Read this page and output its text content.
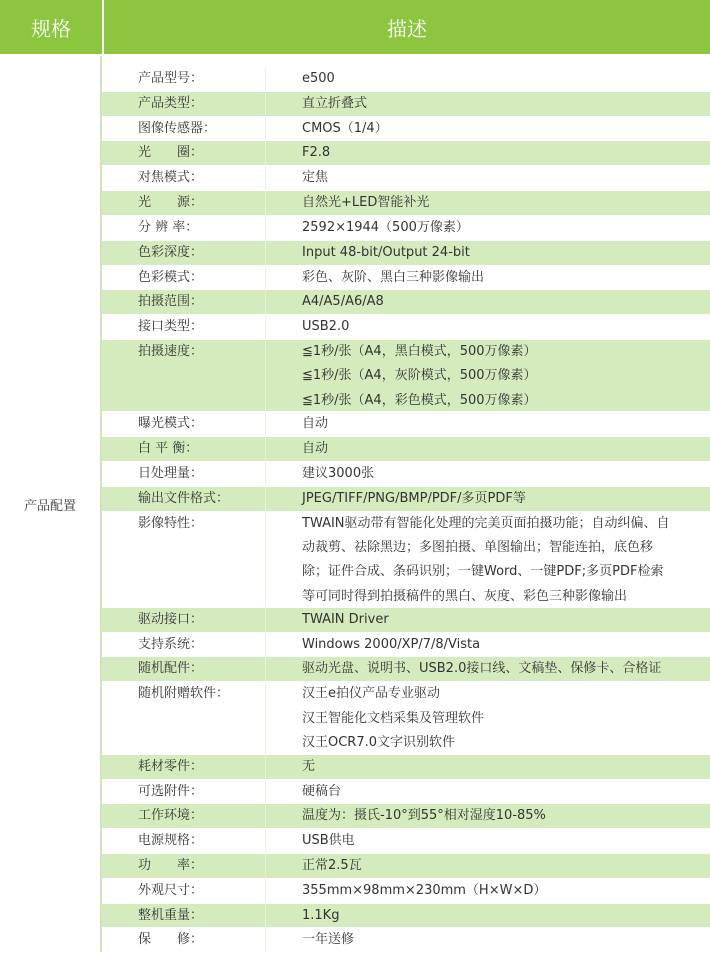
规格	描述
产品配置
产品型号：	e500
产品类型：	直立折叠式
图像传感器：	CMOS（1/4）
光　　圈：	F2.8
对焦模式：	定焦
光　　源：	自然光+LED智能补光
分 辨 率：	2592×1944（500万像素）
色彩深度：	Input 48-bit/Output 24-bit
色彩模式：	彩色、灰阶、黑白三种影像输出
拍摄范围：	A4/A5/A6/A8
接口类型：	USB2.0
拍摄速度：	≦1秒/张（A4，黑白模式，500万像素）
≦1秒/张（A4，灰阶模式，500万像素）
≦1秒/张（A4，彩色模式，500万像素）
曝光模式：	自动
白 平 衡：	自动
日处理量：	建议3000张
输出文件格式：	JPEG/TIFF/PNG/BMP/PDF/多页PDF等
影像特性：	TWAIN驱动带有智能化处理的完美页面拍摄功能；自动纠偏、自
动裁剪、祛除黑边；多图拍摄、单图输出；智能连拍，底色移
除；证件合成、条码识别；一键Word、一键PDF;多页PDF检索
等可同时得到拍摄稿件的黑白、灰度、彩色三种影像输出
驱动接口：	TWAIN Driver
支持系统：	Windows 2000/XP/7/8/Vista
随机配件：	驱动光盘、说明书、USB2.0接口线、文稿垫、保修卡、合格证
随机附赠软件：	汉王e拍仪产品专业驱动
汉王智能化文档采集及管理软件
汉王OCR7.0文字识别软件
耗材零件：	无
可选附件：	硬稿台
工作环境：	温度为：摄氏-10°到55°相对湿度10-85%
电源规格：	USB供电
功　　率：	正常2.5瓦
外观尺寸：	355mm×98mm×230mm（H×W×D）
整机重量：	1.1Kg
保　　修：	一年送修
